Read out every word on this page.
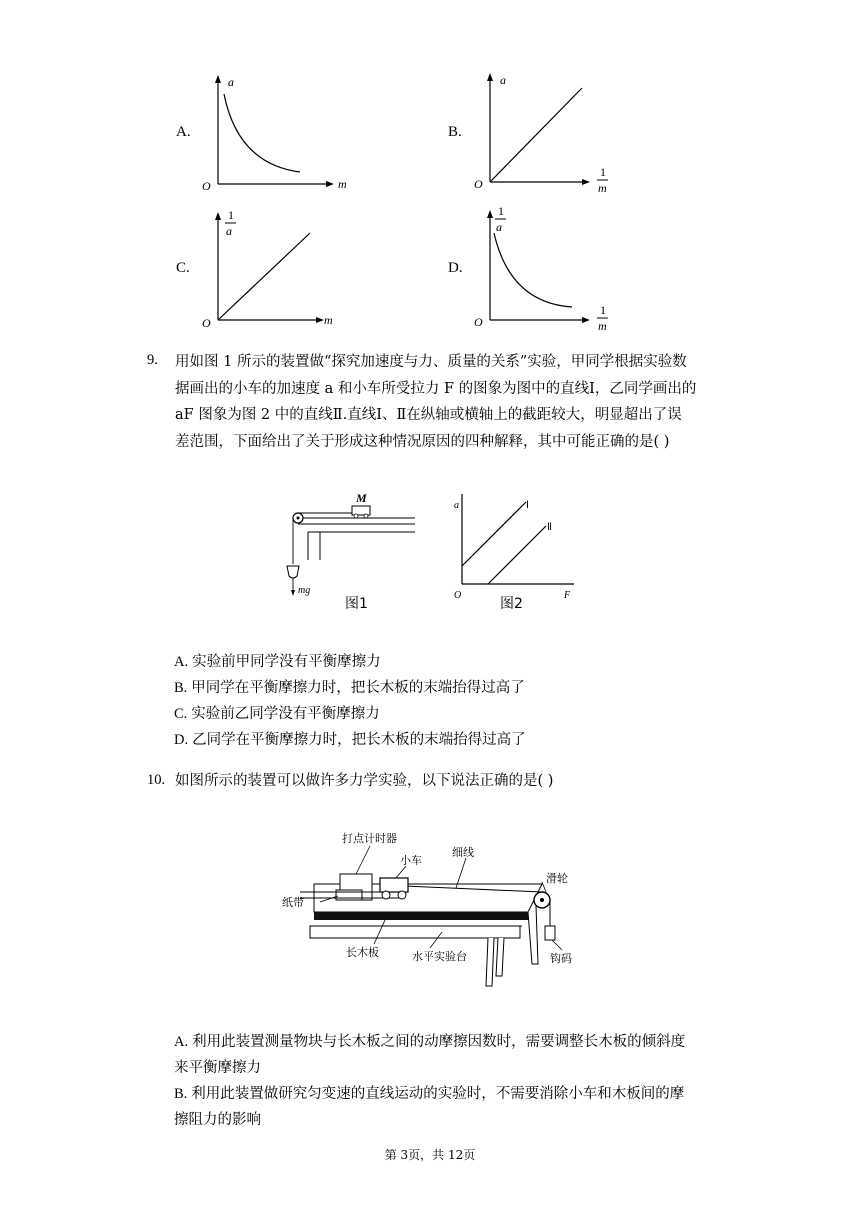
A.
a
m
O
B.
a
1
m
O
C.
1
a
m
O
D.
1
a
1
m
O
9. 用如图 1 所示的装置做“探究加速度与力、质量的关系”实验，甲同学根据实验数
据画出的小车的加速度 a 和小车所受拉力 F 的图象为图中的直线Ⅰ，乙同学画出的
aF 图象为图 2 中的直线Ⅱ.直线Ⅰ、Ⅱ在纵轴或横轴上的截距较大，明显超出了误
差范围，下面给出了关于形成这种情况原因的四种解释，其中可能正确的是( )
M
mg
图1
a
F
O
Ⅰ
Ⅱ
图2
A. 实验前甲同学没有平衡摩擦力
B. 甲同学在平衡摩擦力时，把长木板的末端抬得过高了
C. 实验前乙同学没有平衡摩擦力
D. 乙同学在平衡摩擦力时，把长木板的末端抬得过高了
10. 如图所示的装置可以做许多力学实验，以下说法正确的是( )
打点计时器
小车
细线
滑轮
纸带
长木板	水平实验台	钩码
A. 利用此装置测量物块与长木板之间的动摩擦因数时，需要调整长木板的倾斜度
来平衡摩擦力
B. 利用此装置做研究匀变速的直线运动的实验时，不需要消除小车和木板间的摩
擦阻力的影响
第 3页，共 12页
